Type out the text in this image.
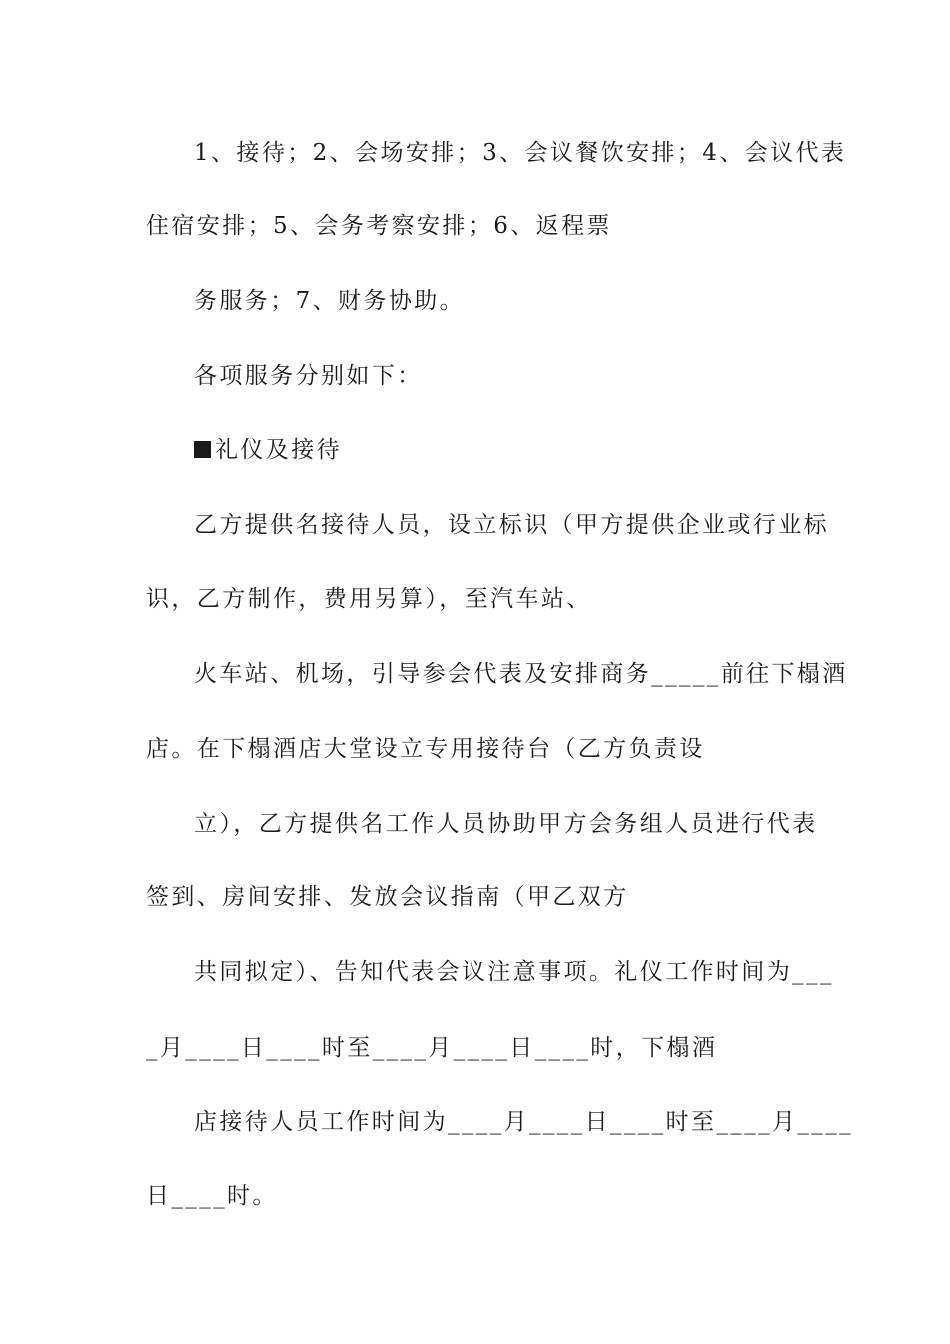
1、接待；2、会场安排；3、会议餐饮安排；4、会议代表
住宿安排；5、会务考察安排；6、返程票
务服务；7、财务协助。
各项服务分别如下：
礼仪及接待
乙方提供名接待人员，设立标识（甲方提供企业或行业标
识，乙方制作，费用另算），至汽车站、
火车站、机场，引导参会代表及安排商务_____前往下榻酒
店。在下榻酒店大堂设立专用接待台（乙方负责设
立），乙方提供名工作人员协助甲方会务组人员进行代表
签到、房间安排、发放会议指南（甲乙双方
共同拟定）、告知代表会议注意事项。礼仪工作时间为___
_月____日____时至____月____日____时，下榻酒
店接待人员工作时间为____月____日____时至____月____
日____时。
